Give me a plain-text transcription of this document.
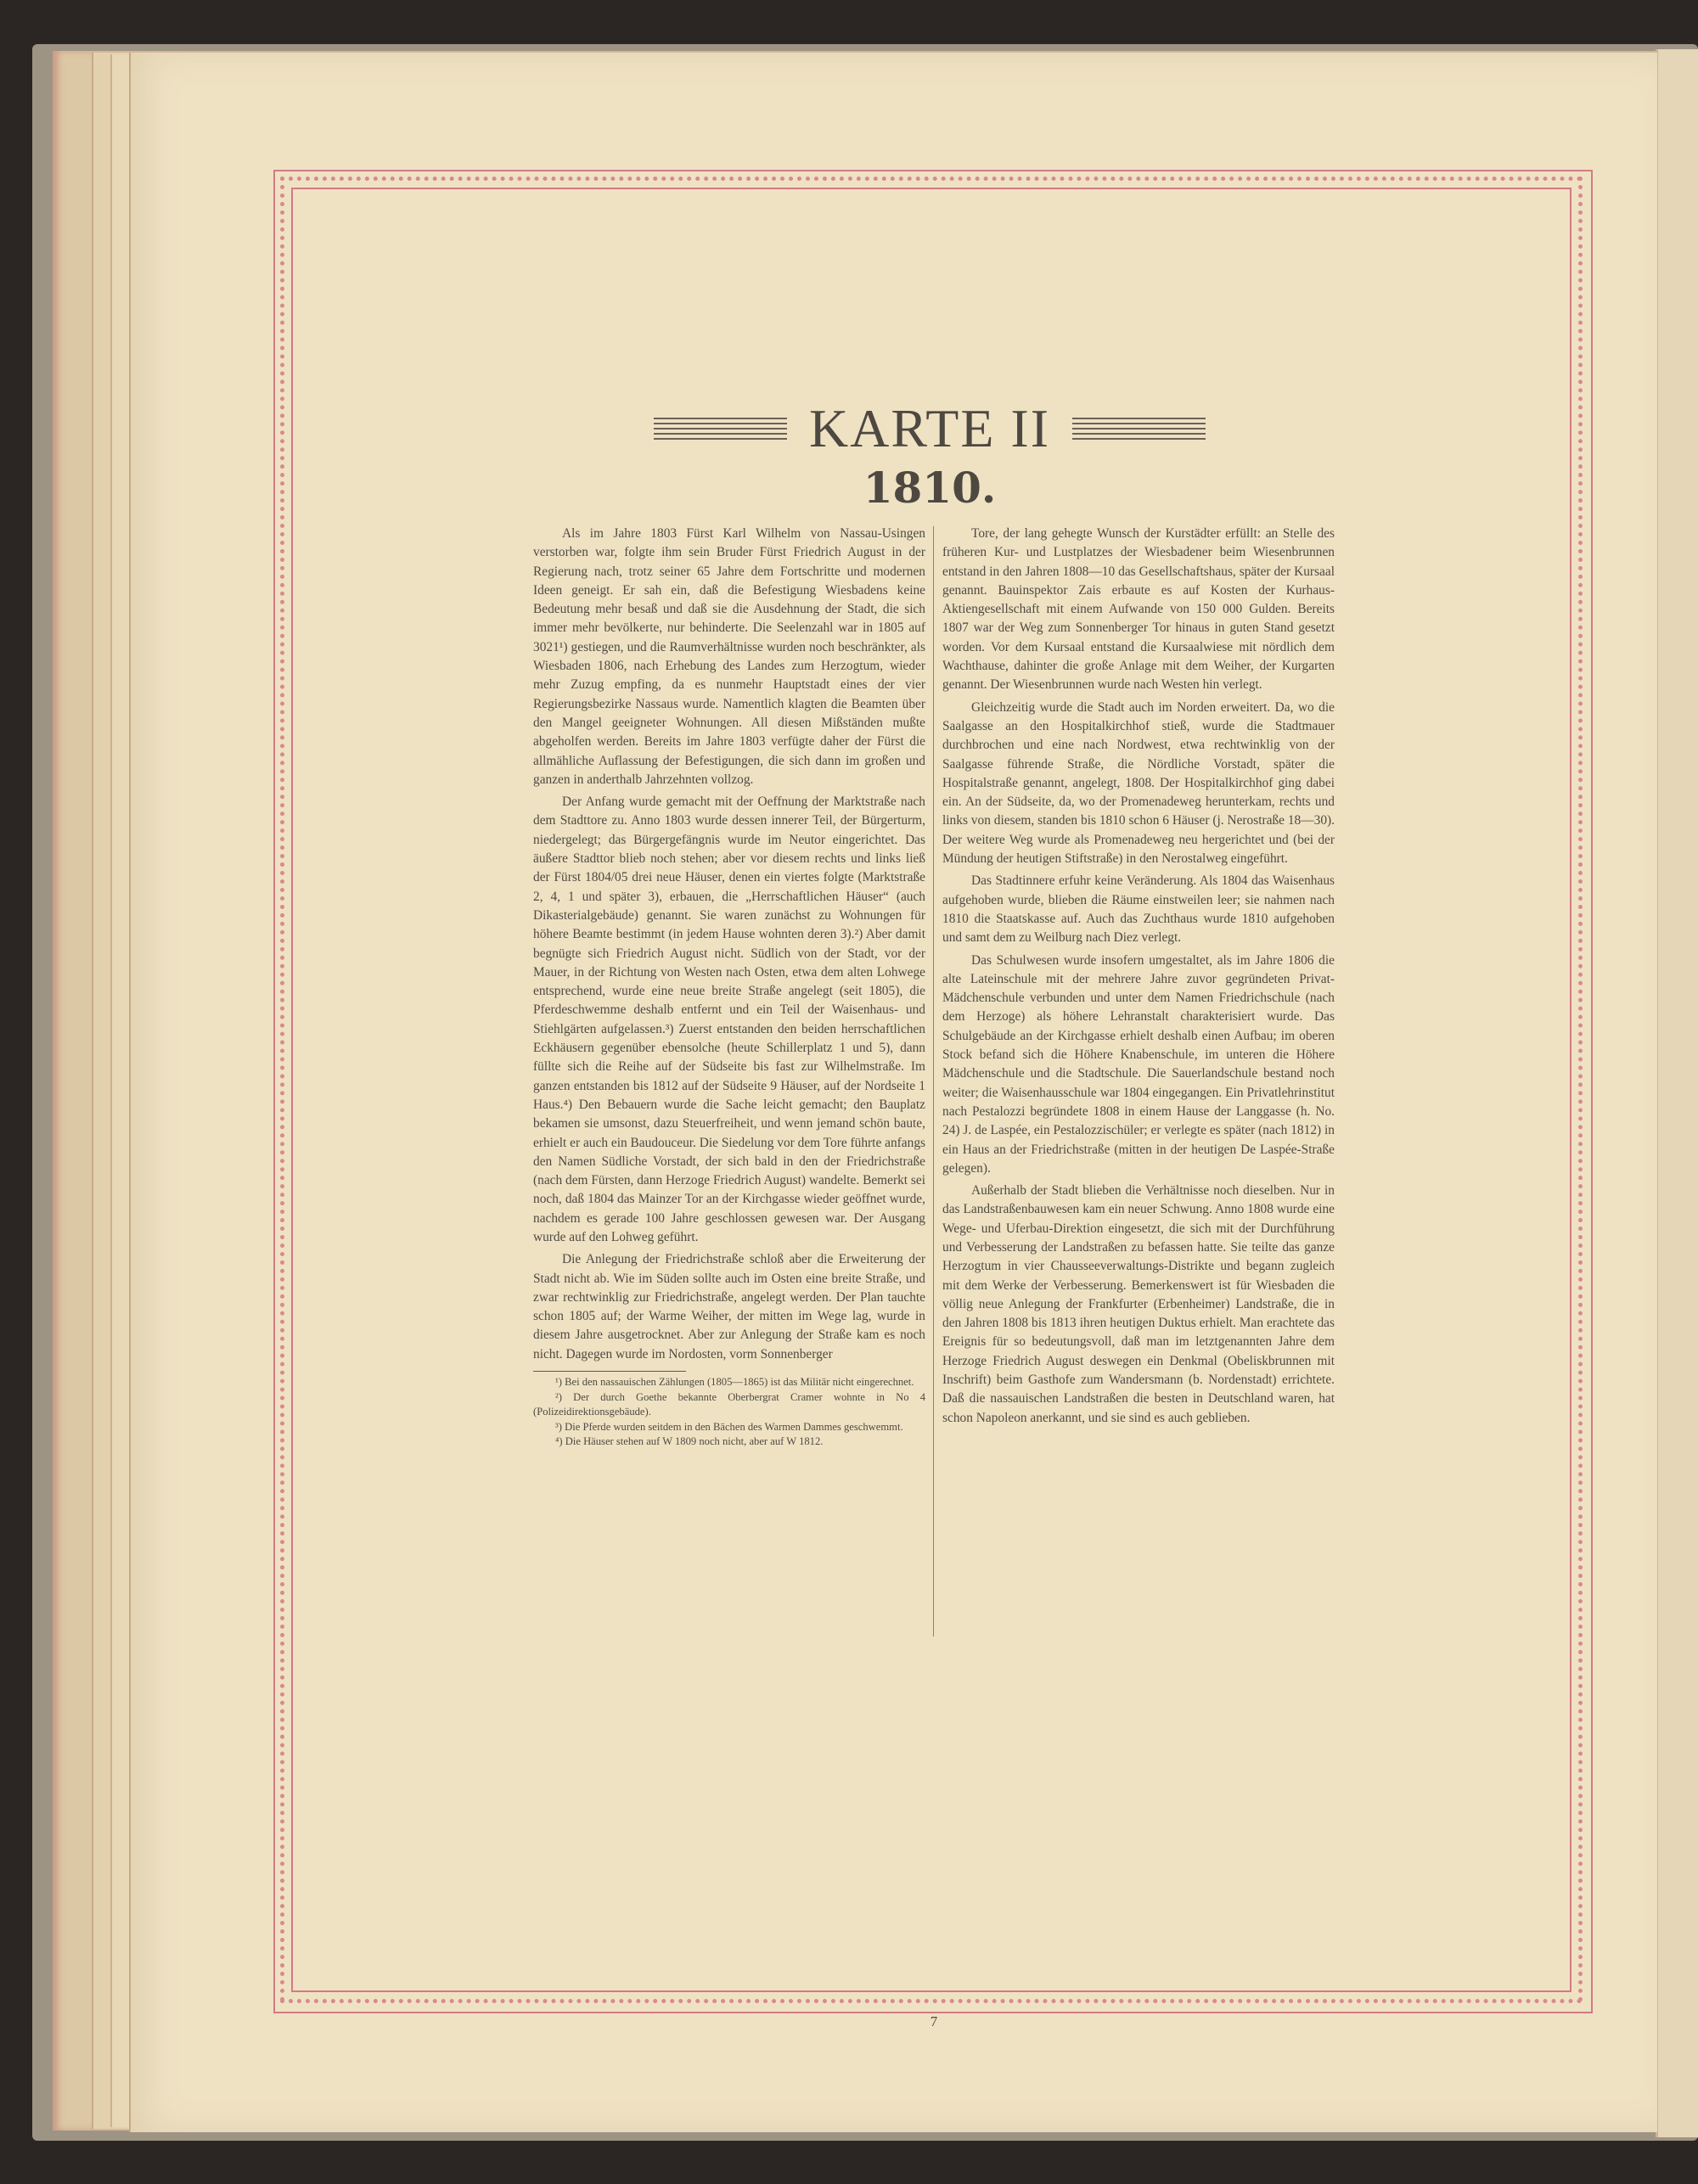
KARTE II
1810.

Als im Jahre 1803 Fürst Karl Wilhelm von Nassau-Usingen verstorben war, folgte ihm sein Bruder Fürst Friedrich August in der Regierung nach, trotz seiner 65 Jahre dem Fortschritte und modernen Ideen geneigt. Er sah ein, daß die Befestigung Wiesbadens keine Bedeutung mehr besaß und daß sie die Ausdehnung der Stadt, die sich immer mehr bevölkerte, nur behinderte. Die Seelenzahl war in 1805 auf 3021¹) gestiegen, und die Raumverhältnisse wurden noch beschränkter, als Wiesbaden 1806, nach Erhebung des Landes zum Herzogtum, wieder mehr Zuzug empfing, da es nunmehr Hauptstadt eines der vier Regierungsbezirke Nassaus wurde. Namentlich klagten die Beamten über den Mangel geeigneter Wohnungen. All diesen Mißständen mußte abgeholfen werden. Bereits im Jahre 1803 verfügte daher der Fürst die allmähliche Auflassung der Befestigungen, die sich dann im großen und ganzen in anderthalb Jahrzehnten vollzog.

Der Anfang wurde gemacht mit der Oeffnung der Marktstraße nach dem Stadttore zu. Anno 1803 wurde dessen innerer Teil, der Bürgerturm, niedergelegt; das Bürgergefängnis wurde im Neutor eingerichtet. Das äußere Stadttor blieb noch stehen; aber vor diesem rechts und links ließ der Fürst 1804/05 drei neue Häuser, denen ein viertes folgte (Marktstraße 2, 4, 1 und später 3), erbauen, die „Herrschaftlichen Häuser“ (auch Dikasterialgebäude) genannt. Sie waren zunächst zu Wohnungen für höhere Beamte bestimmt (in jedem Hause wohnten deren 3).²) Aber damit begnügte sich Friedrich August nicht. Südlich von der Stadt, vor der Mauer, in der Richtung von Westen nach Osten, etwa dem alten Lohwege entsprechend, wurde eine neue breite Straße angelegt (seit 1805), die Pferdeschwemme deshalb entfernt und ein Teil der Waisenhaus- und Stiehlgärten aufgelassen.³) Zuerst entstanden den beiden herrschaftlichen Eckhäusern gegenüber ebensolche (heute Schillerplatz 1 und 5), dann füllte sich die Reihe auf der Südseite bis fast zur Wilhelmstraße. Im ganzen entstanden bis 1812 auf der Südseite 9 Häuser, auf der Nordseite 1 Haus.⁴) Den Bebauern wurde die Sache leicht gemacht; den Bauplatz bekamen sie umsonst, dazu Steuerfreiheit, und wenn jemand schön baute, erhielt er auch ein Baudouceur. Die Siedelung vor dem Tore führte anfangs den Namen Südliche Vorstadt, der sich bald in den der Friedrichstraße (nach dem Fürsten, dann Herzoge Friedrich August) wandelte. Bemerkt sei noch, daß 1804 das Mainzer Tor an der Kirchgasse wieder geöffnet wurde, nachdem es gerade 100 Jahre geschlossen gewesen war. Der Ausgang wurde auf den Lohweg geführt.

Die Anlegung der Friedrichstraße schloß aber die Erweiterung der Stadt nicht ab. Wie im Süden sollte auch im Osten eine breite Straße, und zwar rechtwinklig zur Friedrichstraße, angelegt werden. Der Plan tauchte schon 1805 auf; der Warme Weiher, der mitten im Wege lag, wurde in diesem Jahre ausgetrocknet. Aber zur Anlegung der Straße kam es noch nicht. Dagegen wurde im Nordosten, vorm Sonnenberger

¹) Bei den nassauischen Zählungen (1805—1865) ist das Militär nicht eingerechnet.

²) Der durch Goethe bekannte Oberbergrat Cramer wohnte in No 4 (Polizeidirektionsgebäude).

³) Die Pferde wurden seitdem in den Bächen des Warmen Dammes geschwemmt.

⁴) Die Häuser stehen auf W 1809 noch nicht, aber auf W 1812.

Tore, der lang gehegte Wunsch der Kurstädter erfüllt: an Stelle des früheren Kur- und Lustplatzes der Wiesbadener beim Wiesenbrunnen entstand in den Jahren 1808—10 das Gesellschaftshaus, später der Kursaal genannt. Bauinspektor Zais erbaute es auf Kosten der Kurhaus-Aktiengesellschaft mit einem Aufwande von 150 000 Gulden. Bereits 1807 war der Weg zum Sonnenberger Tor hinaus in guten Stand gesetzt worden. Vor dem Kursaal entstand die Kursaalwiese mit nördlich dem Wachthause, dahinter die große Anlage mit dem Weiher, der Kurgarten genannt. Der Wiesenbrunnen wurde nach Westen hin verlegt.

Gleichzeitig wurde die Stadt auch im Norden erweitert. Da, wo die Saalgasse an den Hospitalkirchhof stieß, wurde die Stadtmauer durchbrochen und eine nach Nordwest, etwa rechtwinklig von der Saalgasse führende Straße, die Nördliche Vorstadt, später die Hospitalstraße genannt, angelegt, 1808. Der Hospitalkirchhof ging dabei ein. An der Südseite, da, wo der Promenadeweg herunterkam, rechts und links von diesem, standen bis 1810 schon 6 Häuser (j. Nerostraße 18—30). Der weitere Weg wurde als Promenadeweg neu hergerichtet und (bei der Mündung der heutigen Stiftstraße) in den Nerostalweg eingeführt.

Das Stadtinnere erfuhr keine Veränderung. Als 1804 das Waisenhaus aufgehoben wurde, blieben die Räume einstweilen leer; sie nahmen nach 1810 die Staatskasse auf. Auch das Zuchthaus wurde 1810 aufgehoben und samt dem zu Weilburg nach Diez verlegt.

Das Schulwesen wurde insofern umgestaltet, als im Jahre 1806 die alte Lateinschule mit der mehrere Jahre zuvor gegründeten Privat-Mädchenschule verbunden und unter dem Namen Friedrichschule (nach dem Herzoge) als höhere Lehranstalt charakterisiert wurde. Das Schulgebäude an der Kirchgasse erhielt deshalb einen Aufbau; im oberen Stock befand sich die Höhere Knabenschule, im unteren die Höhere Mädchenschule und die Stadtschule. Die Sauerlandschule bestand noch weiter; die Waisenhausschule war 1804 eingegangen. Ein Privatlehrinstitut nach Pestalozzi begründete 1808 in einem Hause der Langgasse (h. No. 24) J. de Laspée, ein Pestalozzischüler; er verlegte es später (nach 1812) in ein Haus an der Friedrichstraße (mitten in der heutigen De Laspée-Straße gelegen).

Außerhalb der Stadt blieben die Verhältnisse noch dieselben. Nur in das Landstraßenbauwesen kam ein neuer Schwung. Anno 1808 wurde eine Wege- und Uferbau-Direktion eingesetzt, die sich mit der Durchführung und Verbesserung der Landstraßen zu befassen hatte. Sie teilte das ganze Herzogtum in vier Chausseeverwaltungs-Distrikte und begann zugleich mit dem Werke der Verbesserung. Bemerkenswert ist für Wiesbaden die völlig neue Anlegung der Frankfurter (Erbenheimer) Landstraße, die in den Jahren 1808 bis 1813 ihren heutigen Duktus erhielt. Man erachtete das Ereignis für so bedeutungsvoll, daß man im letztgenannten Jahre dem Herzoge Friedrich August deswegen ein Denkmal (Obeliskbrunnen mit Inschrift) beim Gasthofe zum Wandersmann (b. Nordenstadt) errichtete. Daß die nassauischen Landstraßen die besten in Deutschland waren, hat schon Napoleon anerkannt, und sie sind es auch geblieben.

7
